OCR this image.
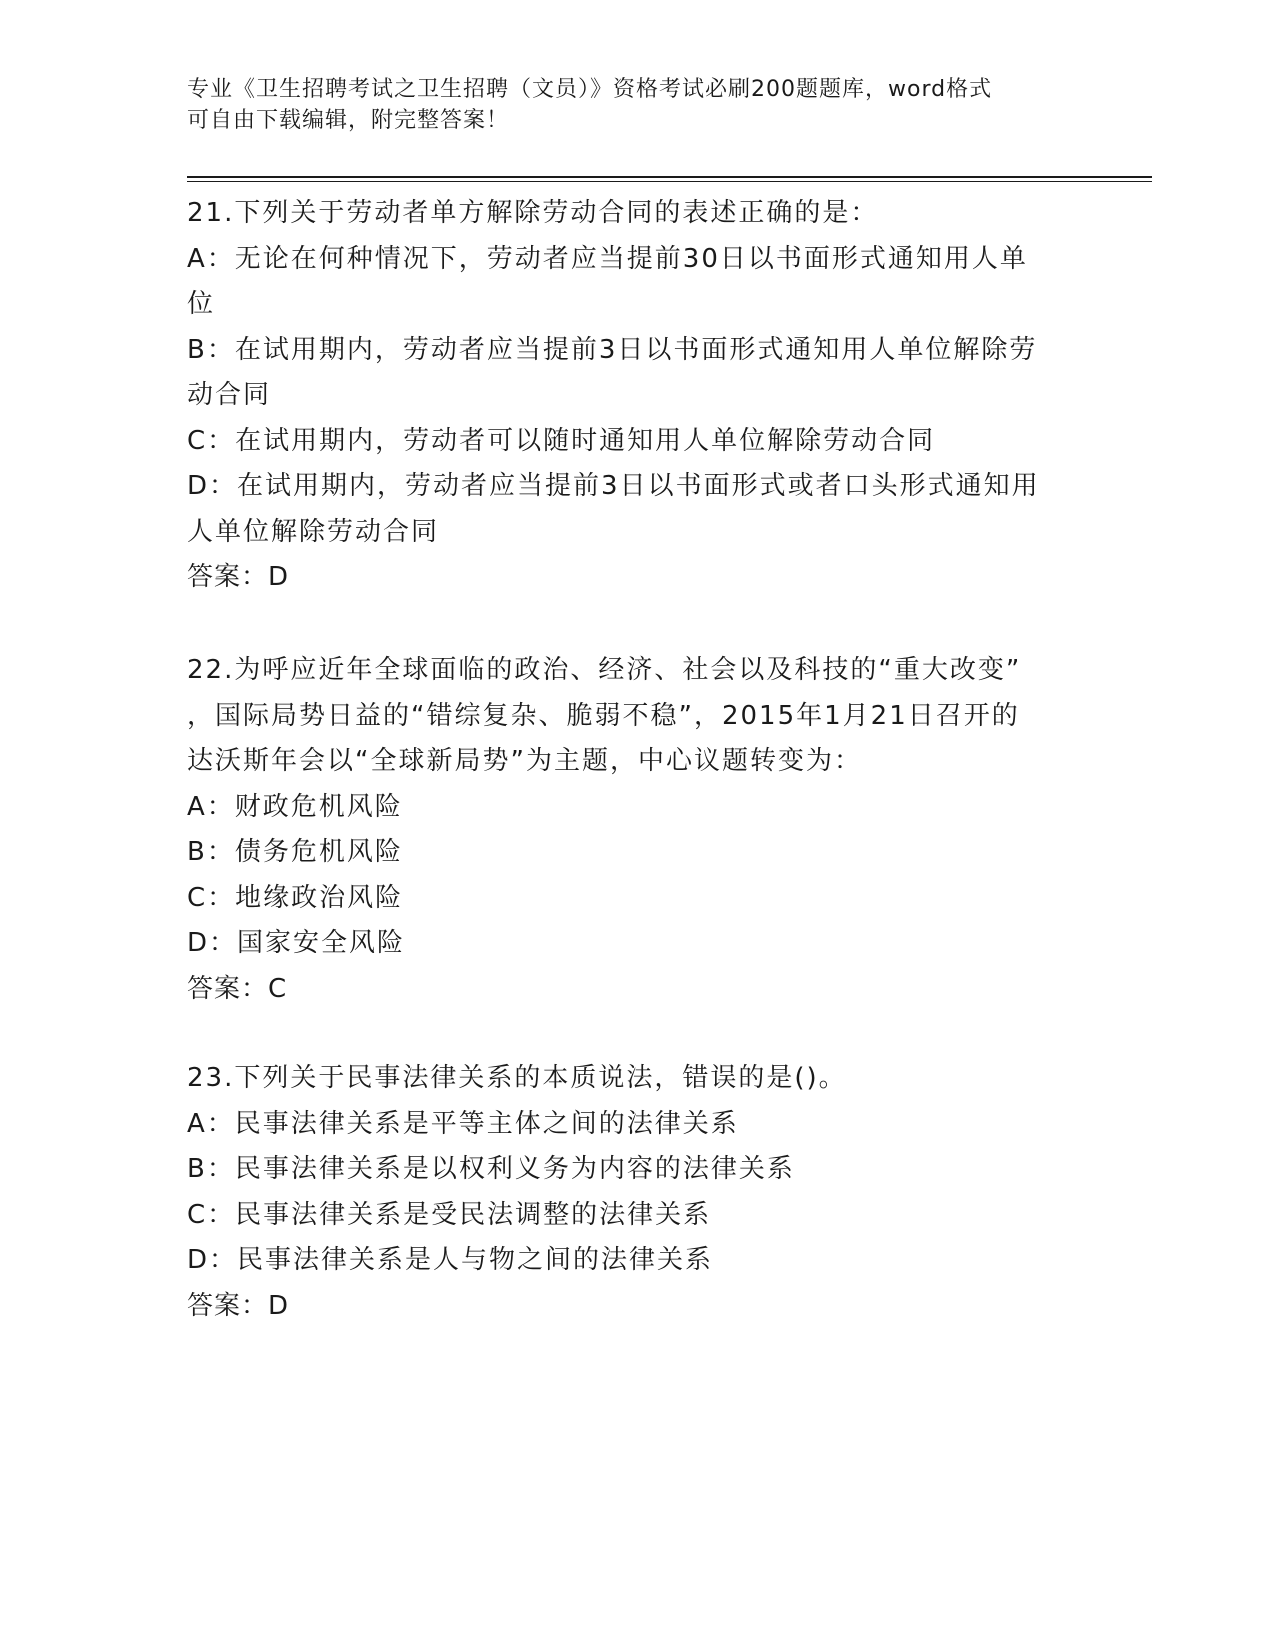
专业《卫生招聘考试之卫生招聘（文员）》资格考试必刷200题题库，word格式
可自由下载编辑，附完整答案！
21.下列关于劳动者单方解除劳动合同的表述正确的是：
A：无论在何种情况下，劳动者应当提前30日以书面形式通知用人单
位
B：在试用期内，劳动者应当提前3日以书面形式通知用人单位解除劳
动合同
C：在试用期内，劳动者可以随时通知用人单位解除劳动合同
D：在试用期内，劳动者应当提前3日以书面形式或者口头形式通知用
人单位解除劳动合同
答案：D
22.为呼应近年全球面临的政治、经济、社会以及科技的“重大改变”
，国际局势日益的“错综复杂、脆弱不稳”，2015年1月21日召开的
达沃斯年会以“全球新局势”为主题，中心议题转变为：
A：财政危机风险
B：债务危机风险
C：地缘政治风险
D：国家安全风险
答案：C
23.下列关于民事法律关系的本质说法，错误的是()。
A：民事法律关系是平等主体之间的法律关系
B：民事法律关系是以权利义务为内容的法律关系
C：民事法律关系是受民法调整的法律关系
D：民事法律关系是人与物之间的法律关系
答案：D
